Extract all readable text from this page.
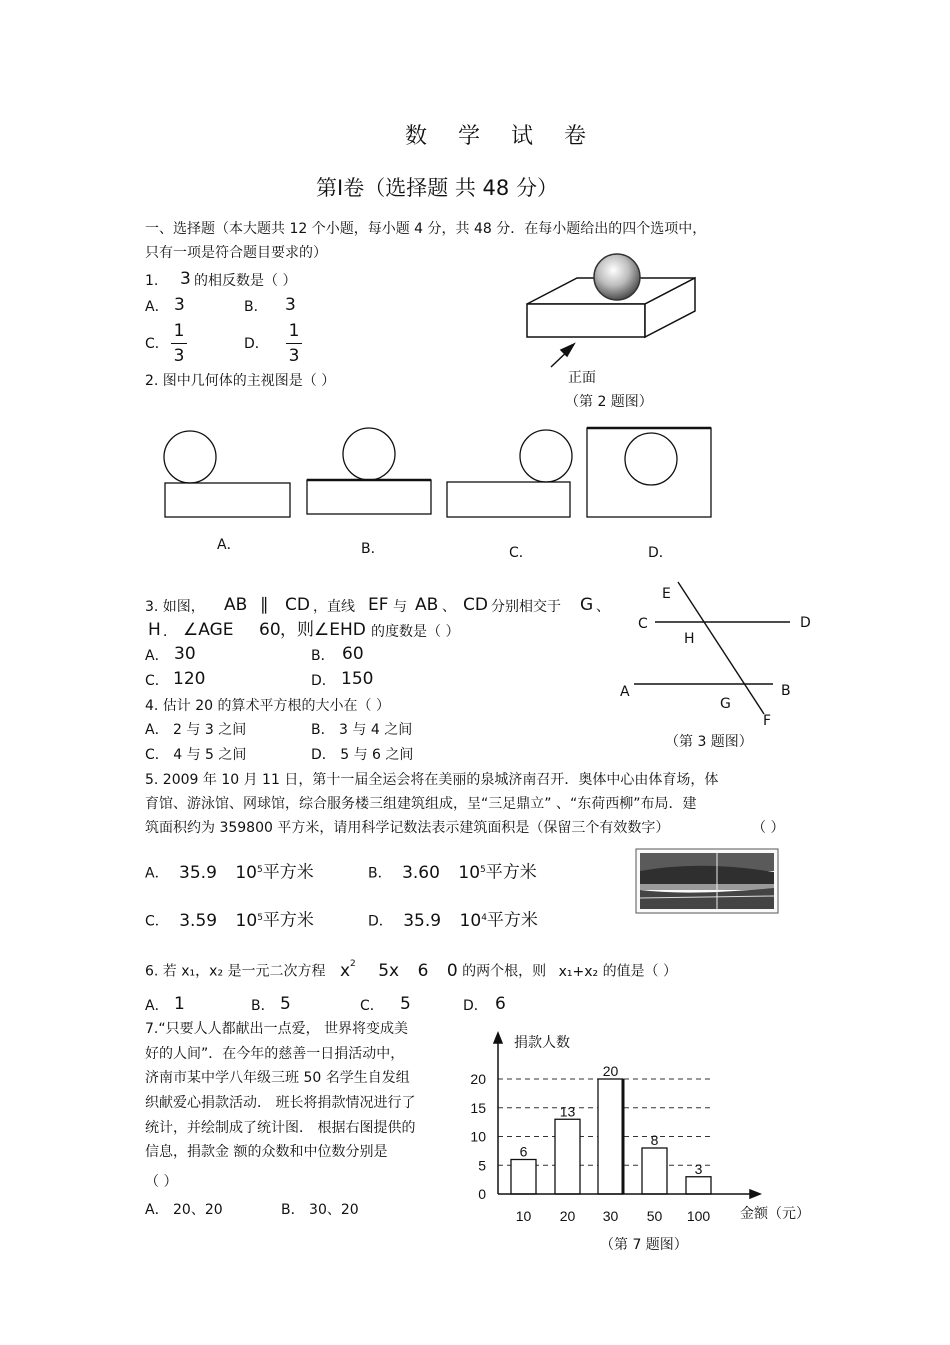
数 学 试 卷
第Ⅰ卷（选择题 共 48 分）
一、选择题（本大题共 12 个小题，每小题 4 分，共 48 分．在每小题给出的四个选项中，
只有一项是符合题目要求的）
1. 3 的相反数是（ ）
A． 3	B． 3
C．
1
3
D．
1
3
2. 图中几何体的主视图是（ ）	正面
（第 2 题图）
A．	B．	C．	D．
3. 如图， AB ∥ CD ，直线 EF 与 AB 、 CD 分别相交于 G 、
H ． ∠AGE 60 ，则∠EHD 的度数是（ ）
A． 30	B． 60
C． 120	D． 150
E
C	D
H
A	B
G
F
（第 3 题图）
4. 估计 20 的算术平方根的大小在（ ）
A． 2 与 3 之间	B． 3 与 4 之间
C． 4 与 5 之间	D． 5 与 6 之间
5. 2009 年 10 月 11 日，第十一届全运会将在美丽的泉城济南召开．奥体中心由体育场，体
育馆、游泳馆、网球馆，综合服务楼三组建筑组成，呈“三足鼎立” 、“东荷西柳”布局．建
筑面积约为 359800 平方米，请用科学记数法表示建筑面积是（保留三个有效数字）	（ ）
A． 35.9 $10^5$平方米	B． 3.60 $10^5$平方米
C． 3.59 $10^5$平方米	D． 35.9 $10^4$平方米
6. 若 x₁，x₂ 是一元二次方程 $x^2$ 5x 6 0 的两个根，则 x₁+x₂ 的值是（ ）
A． 1	B． 5	C． 5	D． 6
7.“只要人人都献出一点爱， 世界将变成美
好的人间”．在今年的慈善一日捐活动中，
济南市某中学八年级三班 50 名学生自发组
织献爱心捐款活动． 班长将捐款情况进行了
统计，并绘制成了统计图． 根据右图提供的
信息，捐款金 额的众数和中位数分别是
（ ）
A． 20、20	B． 30、20
0
5
10
15
20
6
10
13
20
20
30
8
50
3
100
捐款人数
金额（元）
（第 7 题图）
